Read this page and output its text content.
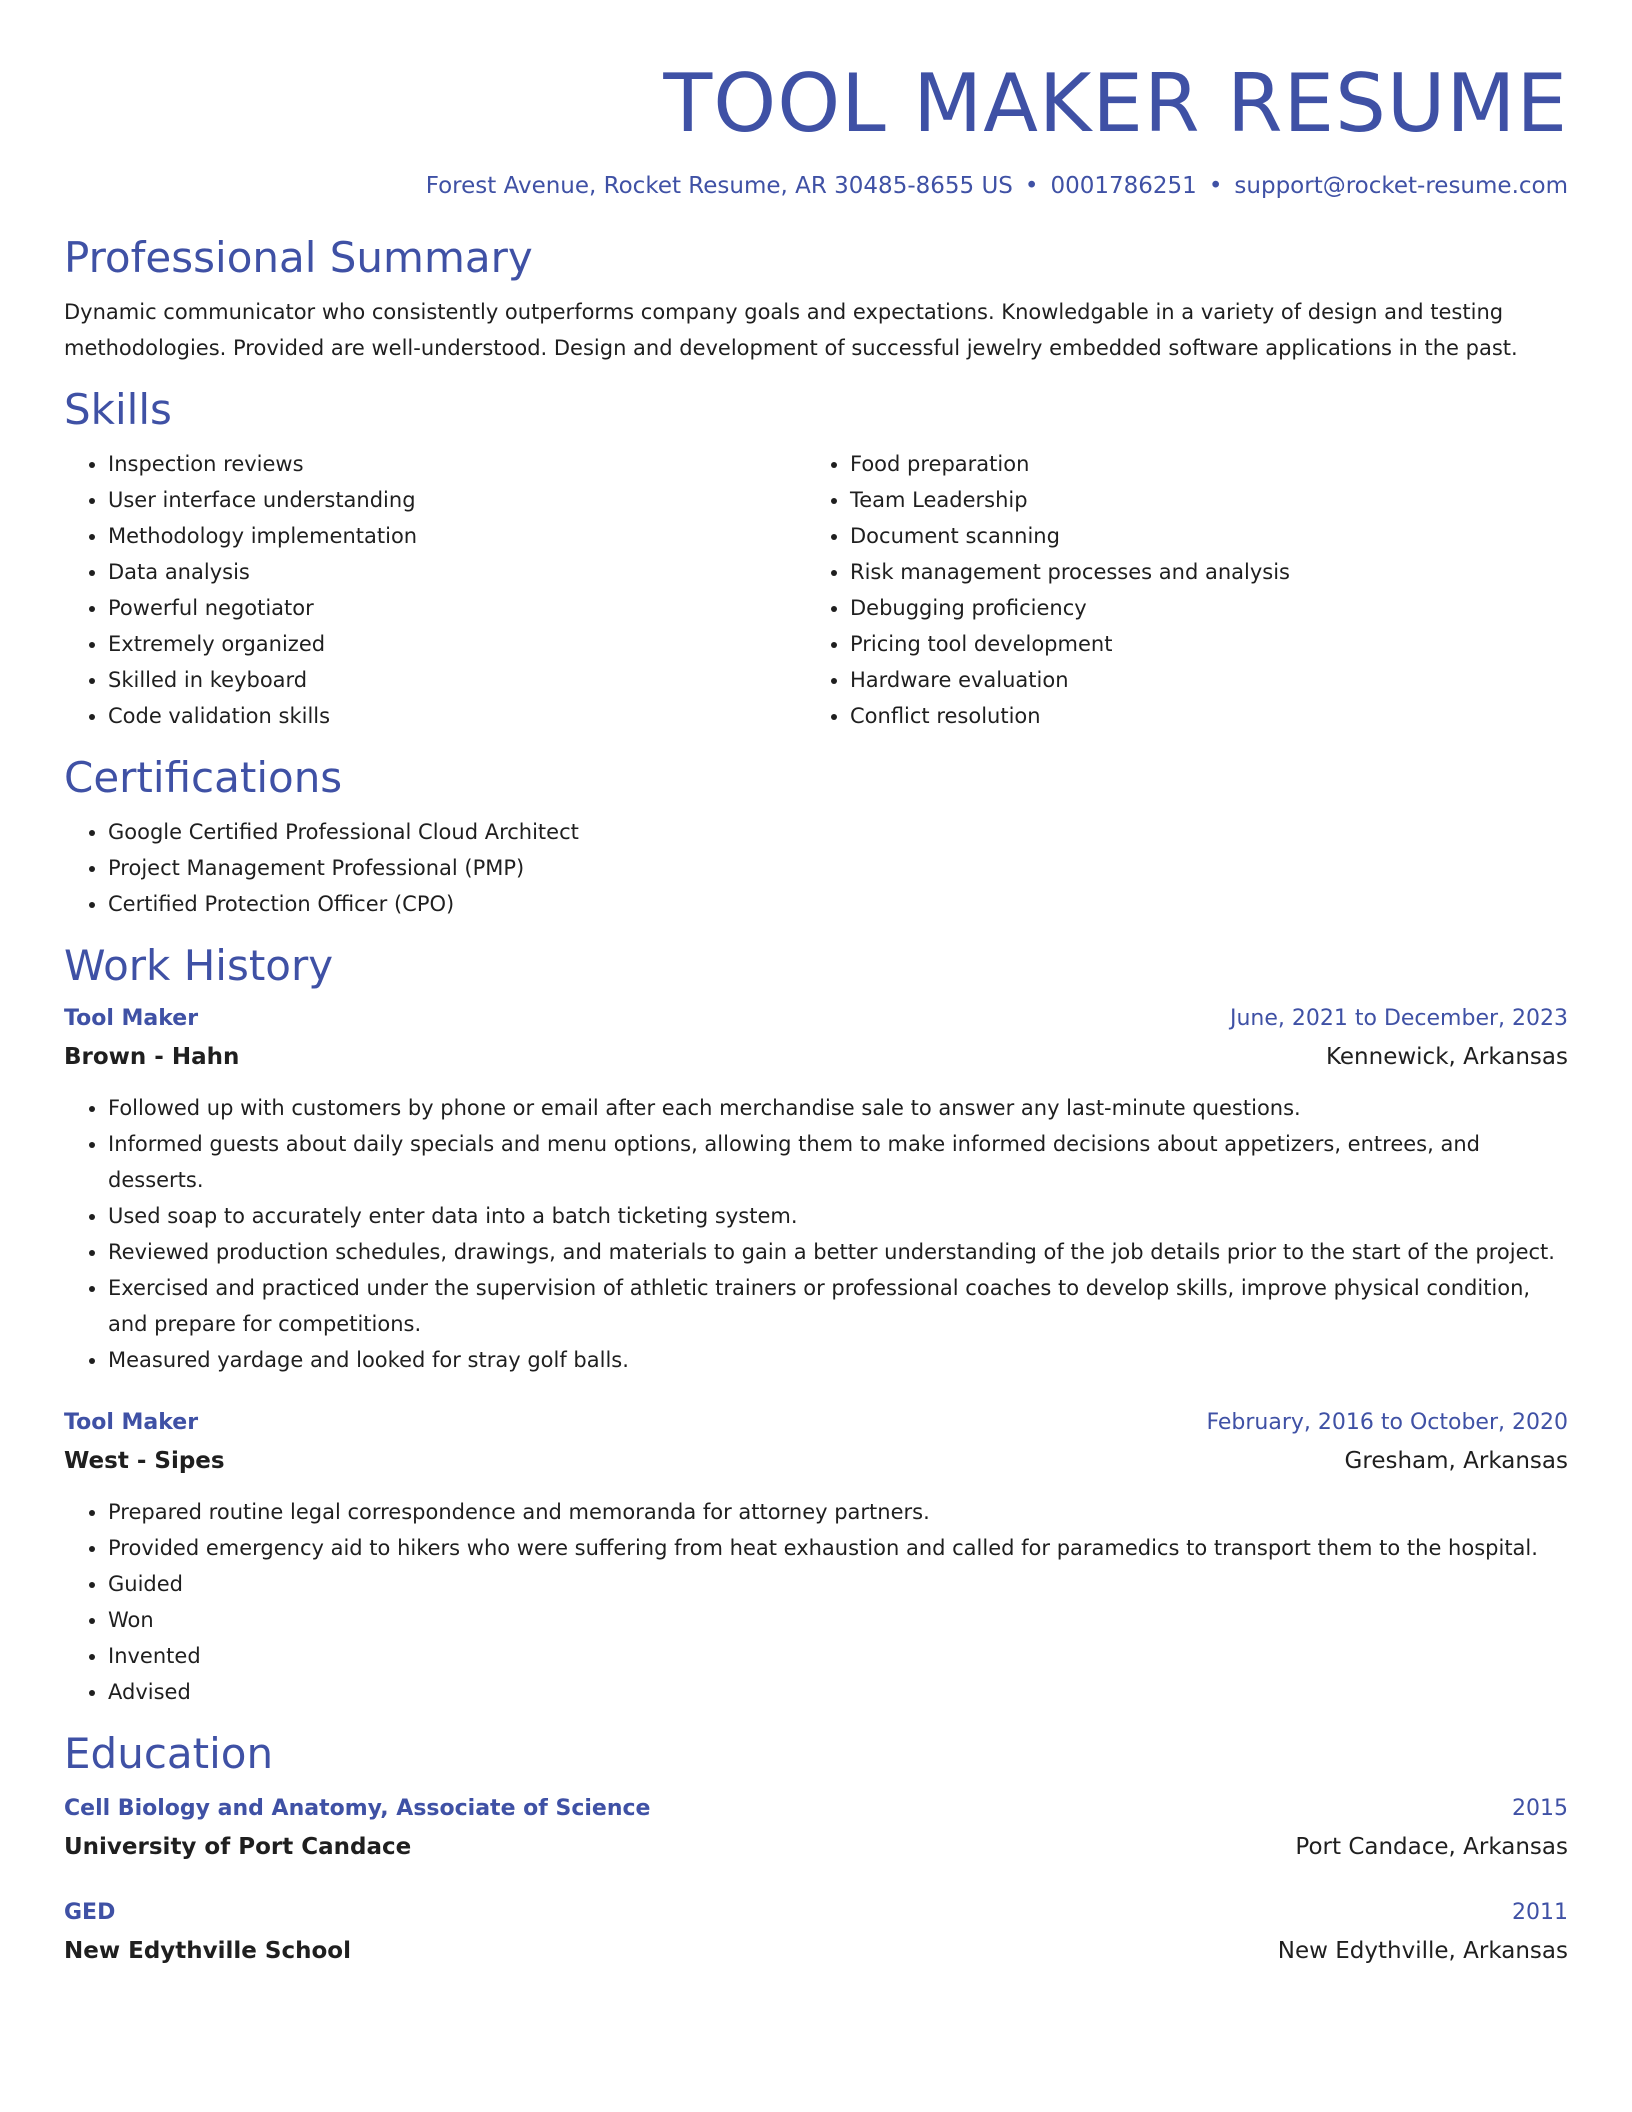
TOOL MAKER RESUME
Forest Avenue, Rocket Resume, AR 30485-8655 US • 0001786251 • support@rocket-resume.com
Professional Summary
Dynamic communicator who consistently outperforms company goals and expectations. Knowledgable in a variety of design and testing methodologies. Provided are well-understood. Design and development of successful jewelry embedded software applications in the past.
Skills
• Inspection reviews
• User interface understanding
• Methodology implementation
• Data analysis
• Powerful negotiator
• Extremely organized
• Skilled in keyboard
• Code validation skills
• Food preparation
• Team Leadership
• Document scanning
• Risk management processes and analysis
• Debugging proficiency
• Pricing tool development
• Hardware evaluation
• Conflict resolution
Certifications
• Google Certified Professional Cloud Architect
• Project Management Professional (PMP)
• Certified Protection Officer (CPO)
Work History
Tool Maker	June, 2021 to December, 2023
Brown - Hahn	Kennewick, Arkansas
• Followed up with customers by phone or email after each merchandise sale to answer any last-minute questions.
• Informed guests about daily specials and menu options, allowing them to make informed decisions about appetizers, entrees, and desserts.
• Used soap to accurately enter data into a batch ticketing system.
• Reviewed production schedules, drawings, and materials to gain a better understanding of the job details prior to the start of the project.
• Exercised and practiced under the supervision of athletic trainers or professional coaches to develop skills, improve physical condition, and prepare for competitions.
• Measured yardage and looked for stray golf balls.
Tool Maker	February, 2016 to October, 2020
West - Sipes	Gresham, Arkansas
• Prepared routine legal correspondence and memoranda for attorney partners.
• Provided emergency aid to hikers who were suffering from heat exhaustion and called for paramedics to transport them to the hospital.
• Guided
• Won
• Invented
• Advised
Education
Cell Biology and Anatomy, Associate of Science	2015
University of Port Candace	Port Candace, Arkansas
GED	2011
New Edythville School	New Edythville, Arkansas
